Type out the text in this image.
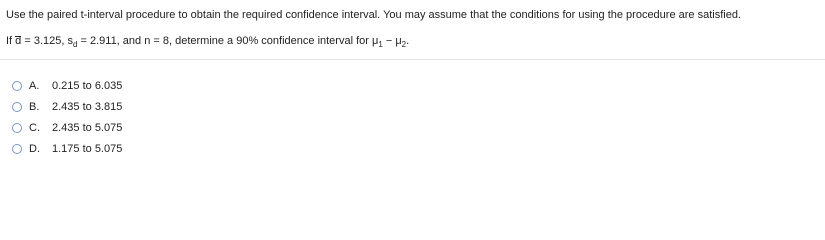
Use the paired t-interval procedure to obtain the required confidence interval. You may assume that the conditions for using the procedure are satisfied.
If d = 3.125, $s_d = 2.911$, and n = 8, determine a 90% confidence interval for $\mu_1 - \mu_2$.
A.	0.215 to 6.035
B.	2.435 to 3.815
C.	2.435 to 5.075
D.	1.175 to 5.075
